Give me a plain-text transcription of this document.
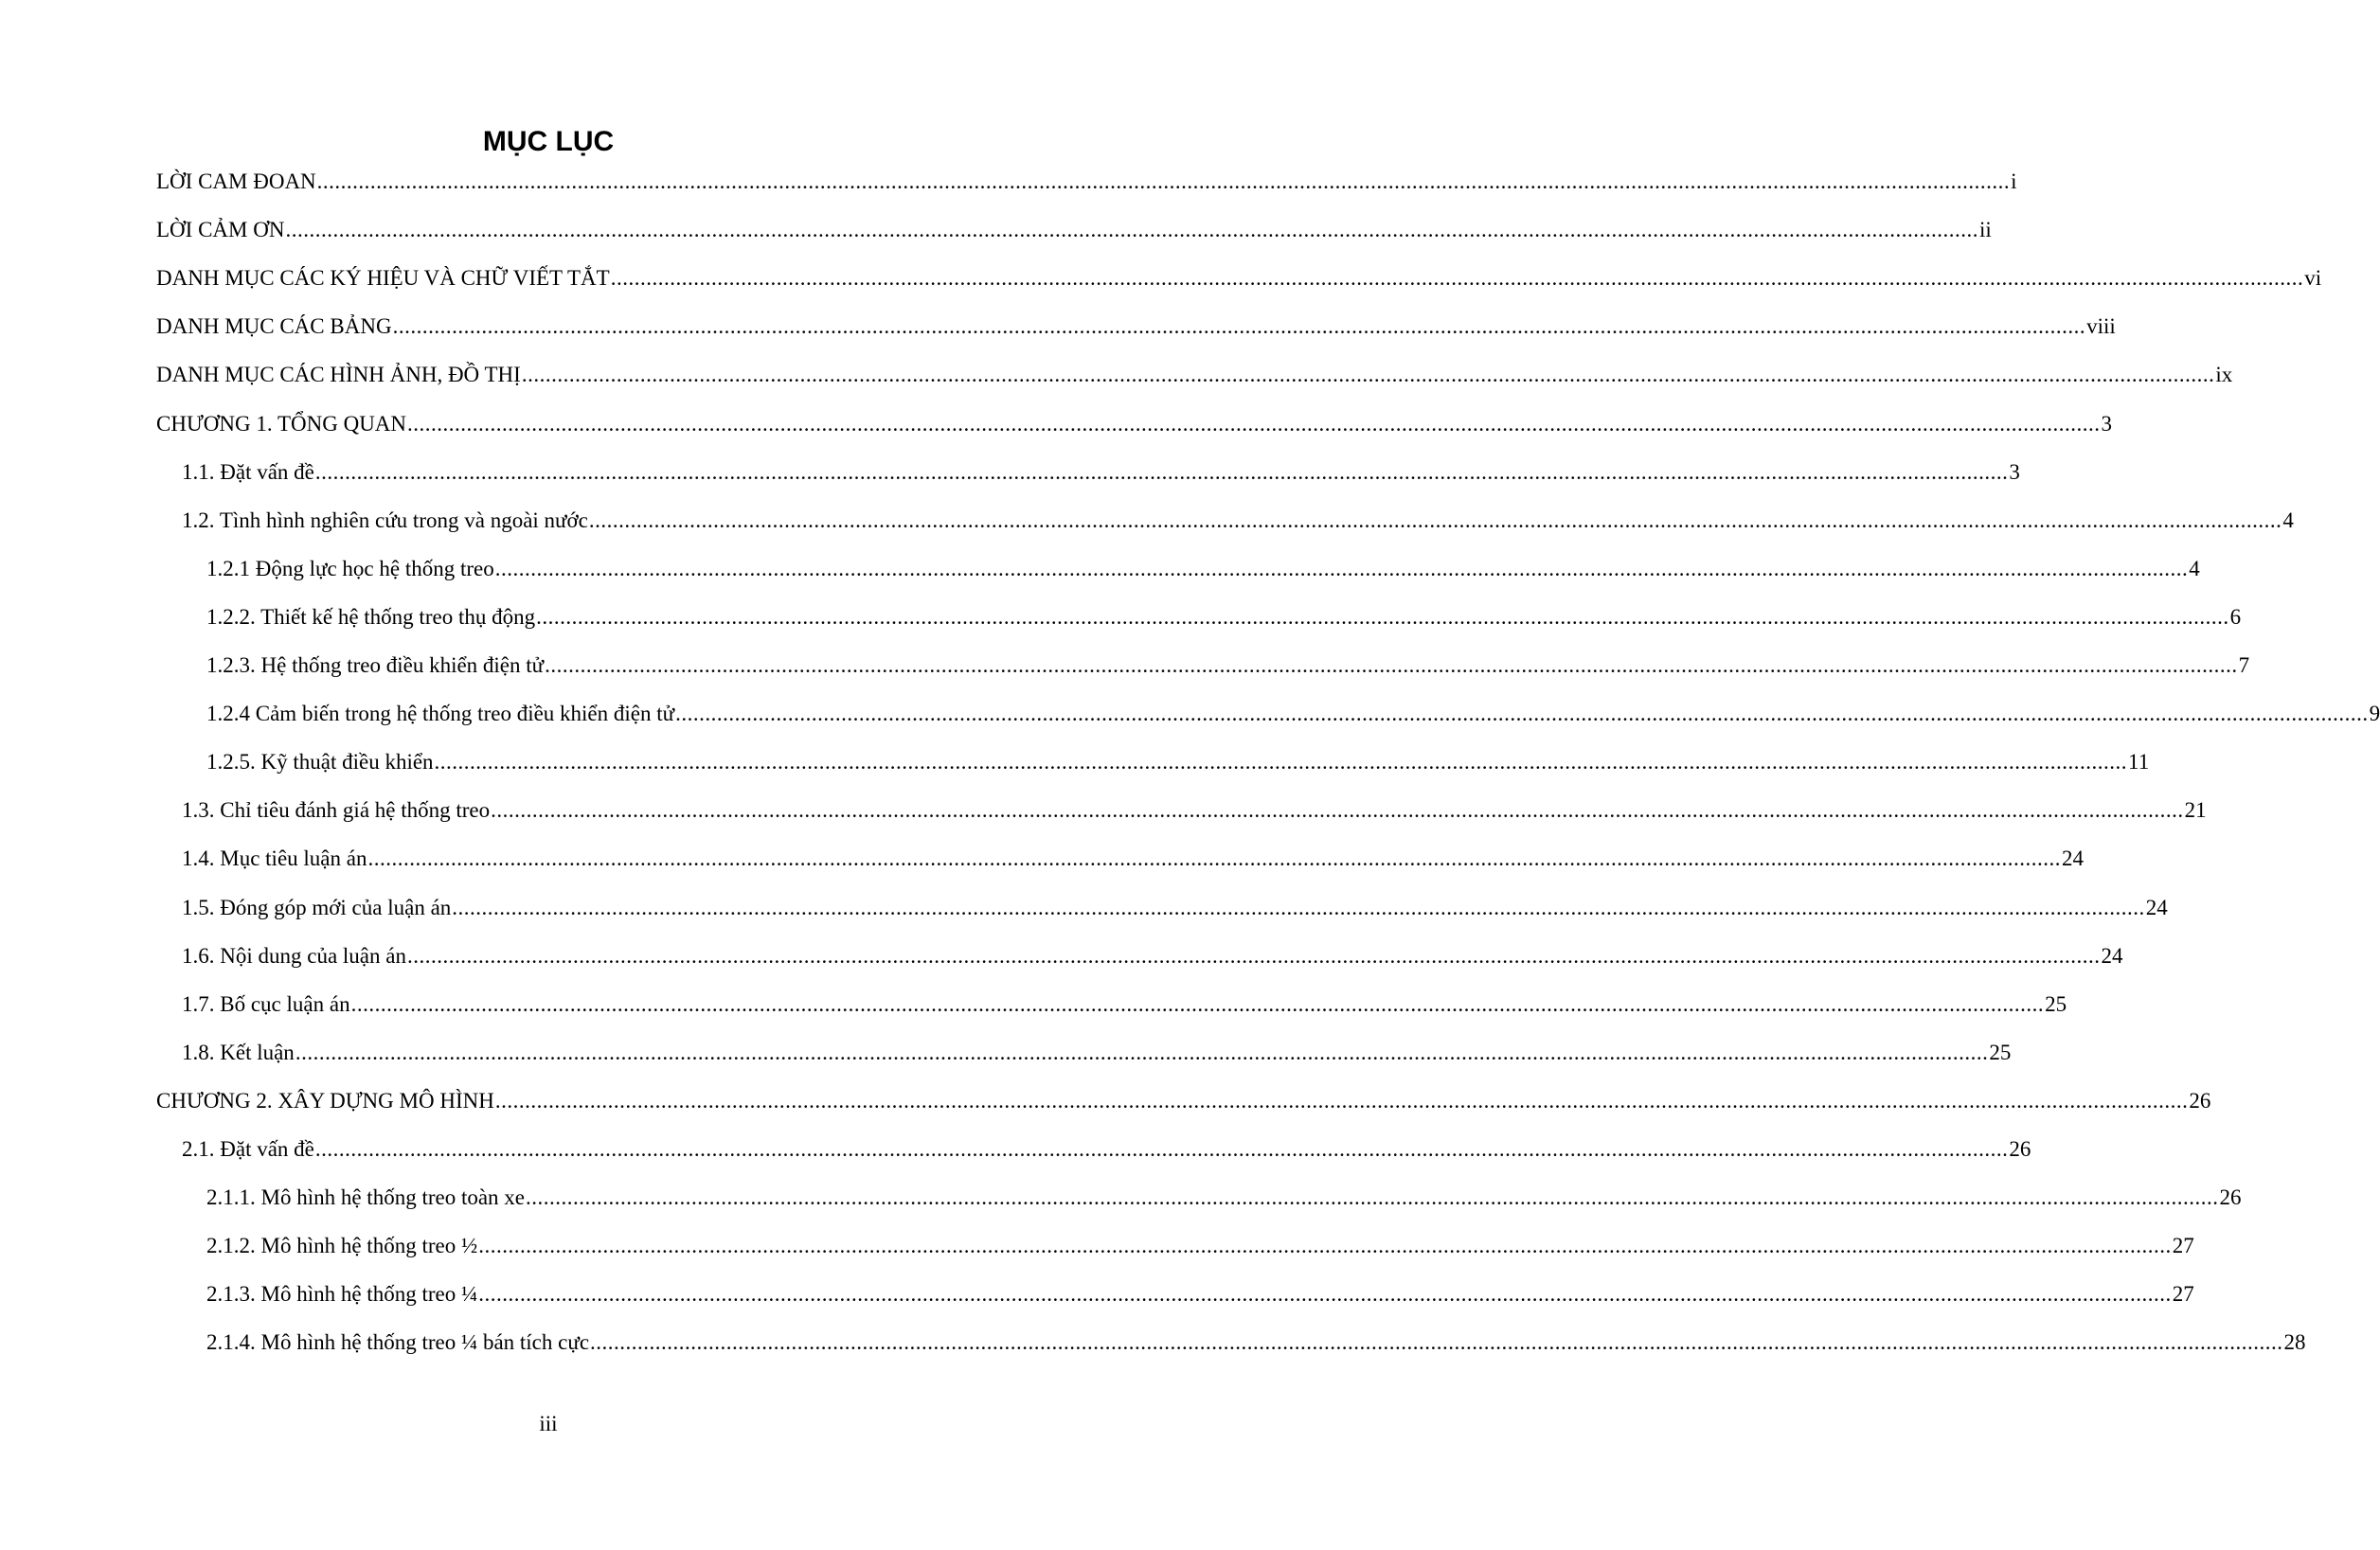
MỤC LỤC
LỜI CAM ĐOAN .............................................................................................................................................................................................................................................................................................. i
LỜI CẢM ƠN .............................................................................................................................................................................................................................................................................................. ii
DANH MỤC CÁC KÝ HIỆU VÀ CHỮ VIẾT TẮT .............................................................................................................................................................................................................................................................................................. vi
DANH MỤC CÁC BẢNG .............................................................................................................................................................................................................................................................................................. viii
DANH MỤC CÁC HÌNH ẢNH, ĐỒ THỊ .............................................................................................................................................................................................................................................................................................. ix
CHƯƠNG 1. TỔNG QUAN .............................................................................................................................................................................................................................................................................................. 3
1.1. Đặt vấn đề .............................................................................................................................................................................................................................................................................................. 3
1.2. Tình hình nghiên cứu trong và ngoài nước .............................................................................................................................................................................................................................................................................................. 4
1.2.1 Động lực học hệ thống treo .............................................................................................................................................................................................................................................................................................. 4
1.2.2. Thiết kế hệ thống treo thụ động .............................................................................................................................................................................................................................................................................................. 6
1.2.3. Hệ thống treo điều khiển điện tử .............................................................................................................................................................................................................................................................................................. 7
1.2.4 Cảm biến trong hệ thống treo điều khiển điện tử .............................................................................................................................................................................................................................................................................................. 9
1.2.5. Kỹ thuật điều khiển .............................................................................................................................................................................................................................................................................................. 11
1.3. Chỉ tiêu đánh giá hệ thống treo .............................................................................................................................................................................................................................................................................................. 21
1.4. Mục tiêu luận án .............................................................................................................................................................................................................................................................................................. 24
1.5. Đóng góp mới của luận án .............................................................................................................................................................................................................................................................................................. 24
1.6. Nội dung của luận án .............................................................................................................................................................................................................................................................................................. 24
1.7. Bố cục luận án .............................................................................................................................................................................................................................................................................................. 25
1.8. Kết luận .............................................................................................................................................................................................................................................................................................. 25
CHƯƠNG 2. XÂY DỰNG MÔ HÌNH .............................................................................................................................................................................................................................................................................................. 26
2.1. Đặt vấn đề .............................................................................................................................................................................................................................................................................................. 26
2.1.1. Mô hình hệ thống treo toàn xe .............................................................................................................................................................................................................................................................................................. 26
2.1.2. Mô hình hệ thống treo ½ .............................................................................................................................................................................................................................................................................................. 27
2.1.3. Mô hình hệ thống treo ¼ .............................................................................................................................................................................................................................................................................................. 27
2.1.4. Mô hình hệ thống treo ¼ bán tích cực .............................................................................................................................................................................................................................................................................................. 28
iii
